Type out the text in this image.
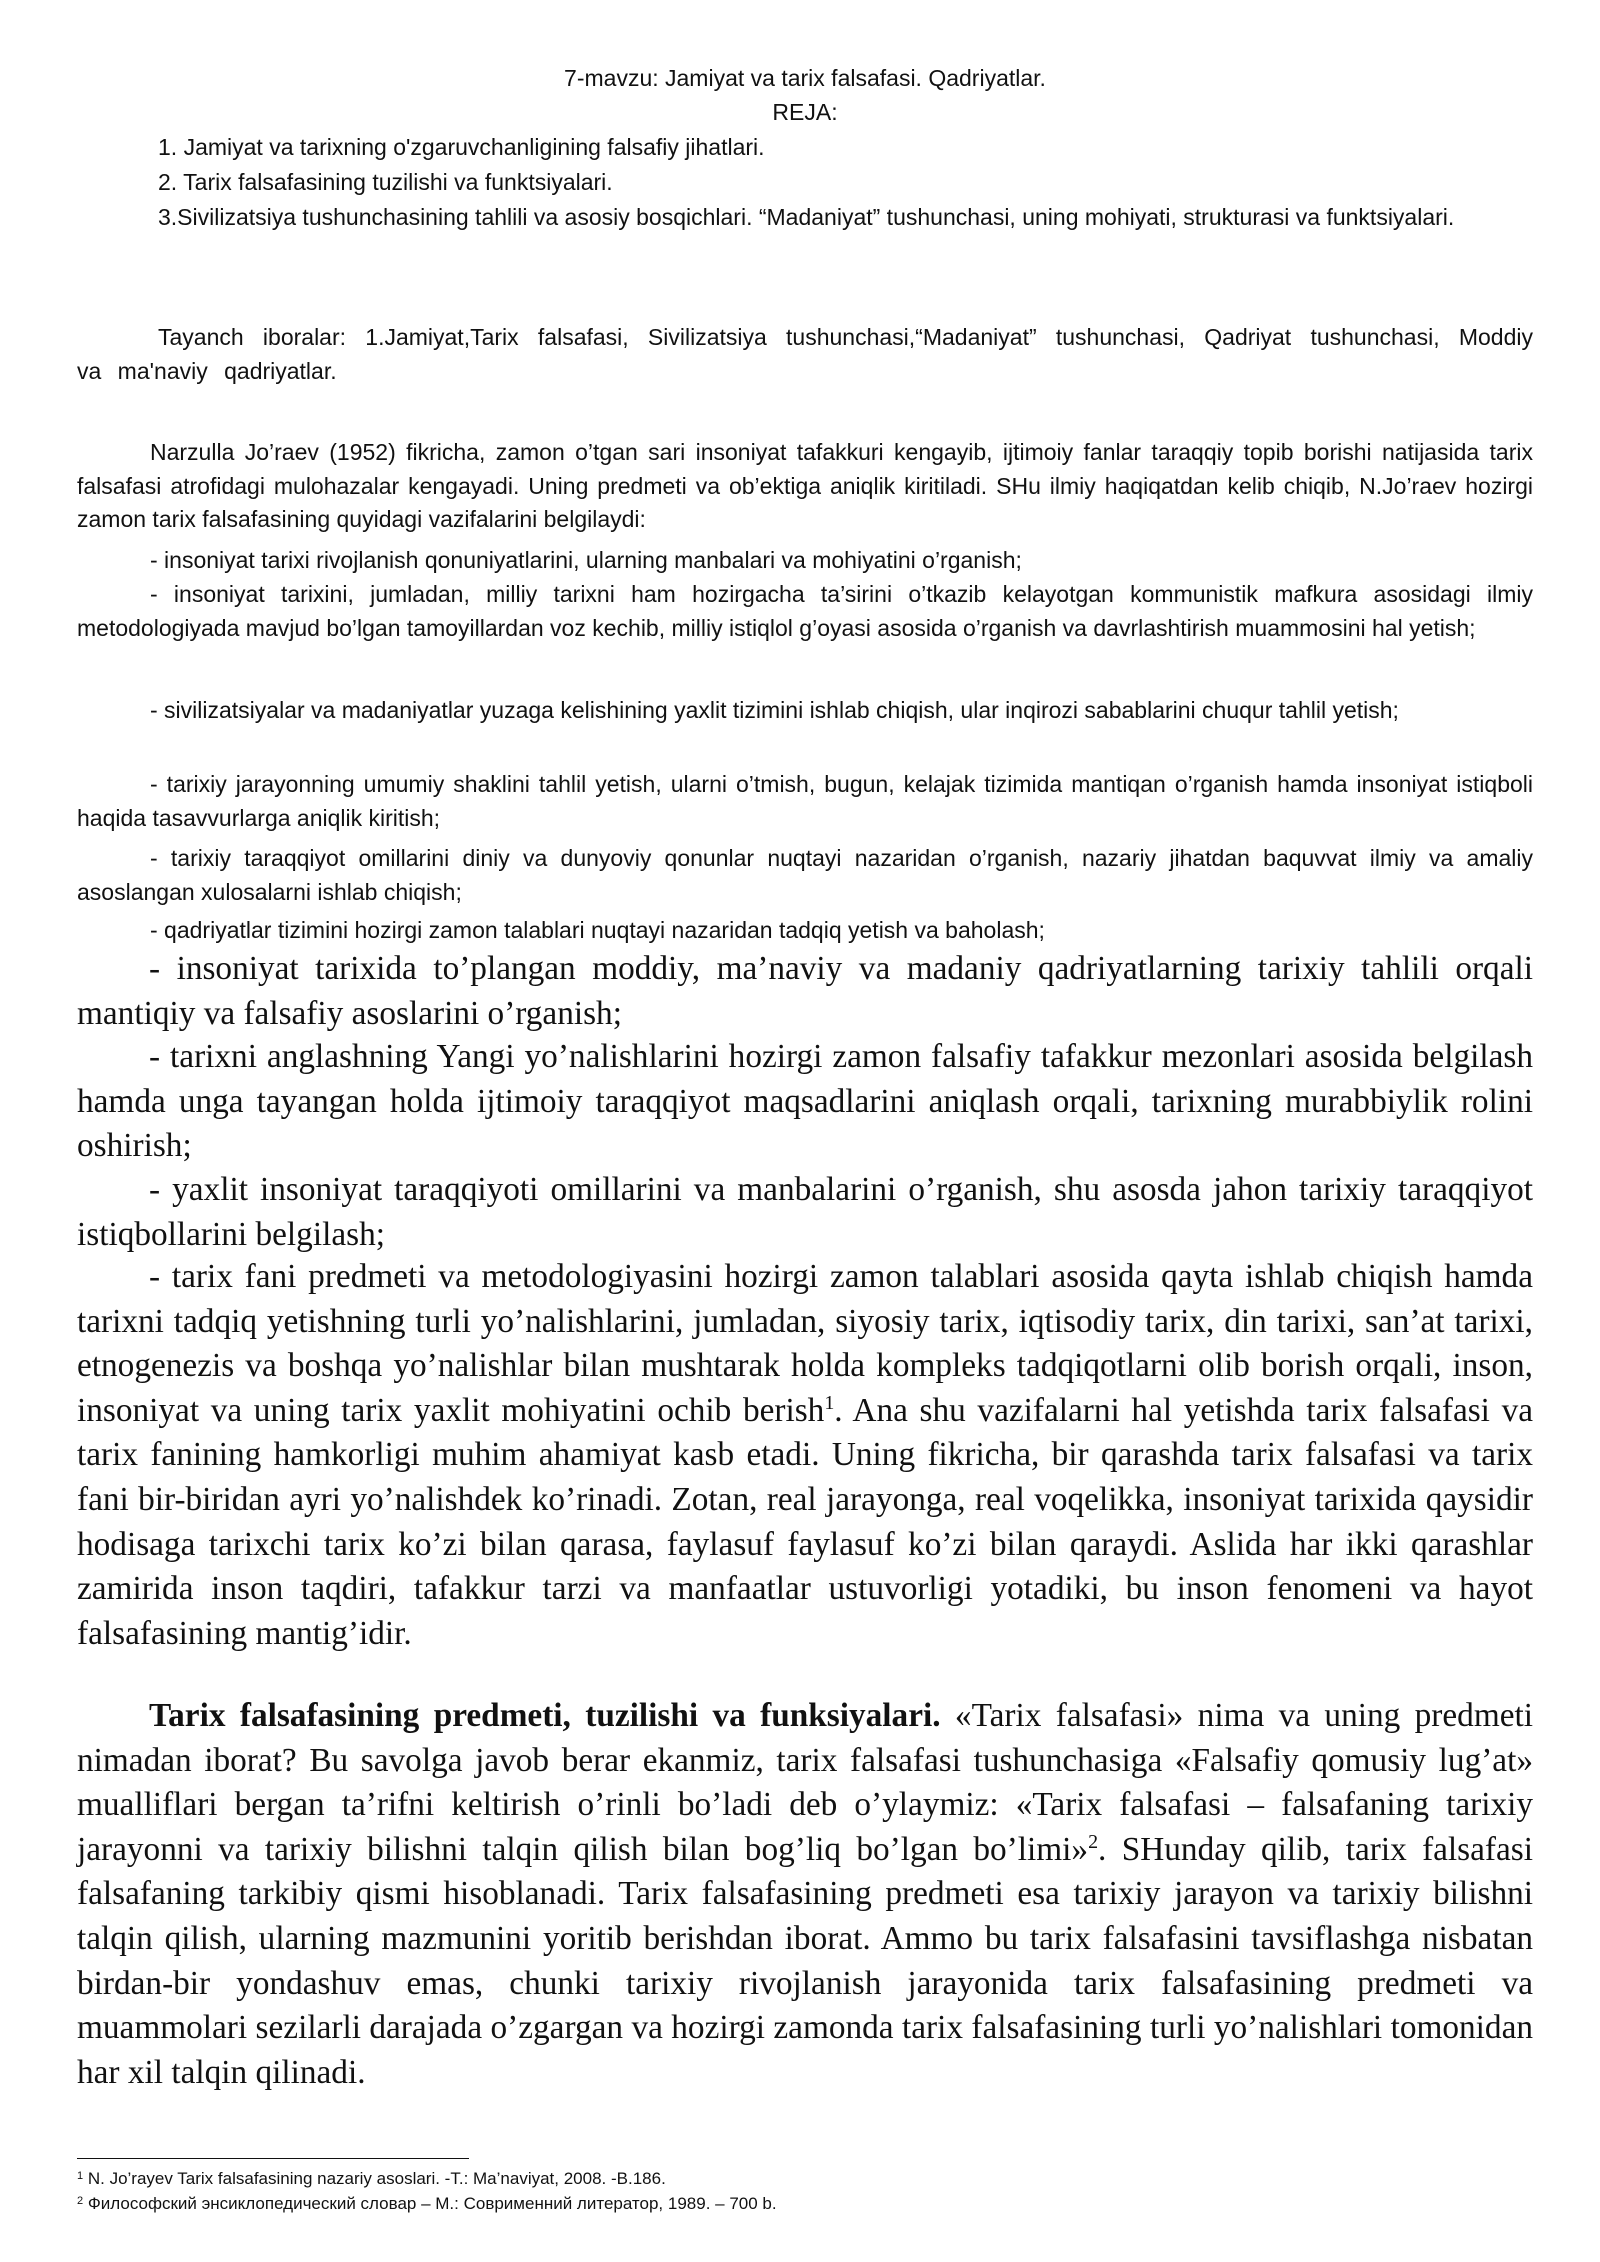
7-mavzu: Jamiyat va tarix falsafasi. Qadriyatlar.
REJA:

1. Jamiyat va tarixning o'zgaruvchanligining falsafiy jihatlari.

2. Tarix falsafasining tuzilishi va funktsiyalari.

3.Sivilizatsiya tushunchasining tahlili va asosiy bosqichlari. “Madaniyat” tushunchasi, uning mohiyati, strukturasi va funktsiyalari.

Tayanch iboralar: 1.Jamiyat,Tarix falsafasi, Sivilizatsiya tushunchasi,“Madaniyat” tushunchasi, Qadriyat tushunchasi, Moddiy va ma'naviy qadriyatlar.

Narzulla Jo’raev (1952) fikricha, zamon o’tgan sari insoniyat tafakkuri kengayib, ijtimoiy fanlar taraqqiy topib borishi natijasida tarix falsafasi atrofidagi mulohazalar kengayadi. Uning predmeti va ob’ektiga aniqlik kiritiladi. SHu ilmiy haqiqatdan kelib chiqib, N.Jo’raev hozirgi zamon tarix falsafasining quyidagi vazifalarini belgilaydi:

- insoniyat tarixi rivojlanish qonuniyatlarini, ularning manbalari va mohiyatini o’rganish;

- insoniyat tarixini, jumladan, milliy tarixni ham hozirgacha ta’sirini o’tkazib kelayotgan kommunistik mafkura asosidagi ilmiy metodologiyada mavjud bo’lgan tamoyillardan voz kechib, milliy istiqlol g’oyasi asosida o’rganish va davrlashtirish muammosini hal yetish;

- sivilizatsiyalar va madaniyatlar yuzaga kelishining yaxlit tizimini ishlab chiqish, ular inqirozi sabablarini chuqur tahlil yetish;

- tarixiy jarayonning umumiy shaklini tahlil yetish, ularni o’tmish, bugun, kelajak tizimida mantiqan o’rganish hamda insoniyat istiqboli haqida tasavvurlarga aniqlik kiritish;

- tarixiy taraqqiyot omillarini diniy va dunyoviy qonunlar nuqtayi nazaridan o’rganish, nazariy jihatdan baquvvat ilmiy va amaliy asoslangan xulosalarni ishlab chiqish;

- qadriyatlar tizimini hozirgi zamon talablari nuqtayi nazaridan tadqiq yetish va baholash;

- insoniyat tarixida to’plangan moddiy, ma’naviy va madaniy qadriyatlarning tarixiy tahlili orqali mantiqiy va falsafiy asoslarini o’rganish;

- tarixni anglashning Yangi yo’nalishlarini hozirgi zamon falsafiy tafakkur mezonlari asosida belgilash hamda unga tayangan holda ijtimoiy taraqqiyot maqsadlarini aniqlash orqali, tarixning murabbiylik rolini oshirish;

- yaxlit insoniyat taraqqiyoti omillarini va manbalarini o’rganish, shu asosda jahon tarixiy taraqqiyot istiqbollarini belgilash;

- tarix fani predmeti va metodologiyasini hozirgi zamon talablari asosida qayta ishlab chiqish hamda tarixni tadqiq yetishning turli yo’nalishlarini, jumladan, siyosiy tarix, iqtisodiy tarix, din tarixi, san’at tarixi, etnogenezis va boshqa yo’nalishlar bilan mushtarak holda kompleks tadqiqotlarni olib borish orqali, inson, insoniyat va uning tarix yaxlit mohiyatini ochib berish$^1$. Ana shu vazifalarni hal yetishda tarix falsafasi va tarix fanining hamkorligi muhim ahamiyat kasb etadi. Uning fikricha, bir qarashda tarix falsafasi va tarix fani bir-biridan ayri yo’nalishdek ko’rinadi. Zotan, real jarayonga, real voqelikka, insoniyat tarixida qaysidir hodisaga tarixchi tarix ko’zi bilan qarasa, faylasuf faylasuf ko’zi bilan qaraydi. Aslida har ikki qarashlar zamirida inson taqdiri, tafakkur tarzi va manfaatlar ustuvorligi yotadiki, bu inson fenomeni va hayot falsafasining mantig’idir.

Tarix falsafasining predmeti, tuzilishi va funksiyalari. «Tarix falsafasi» nima va uning predmeti nimadan iborat? Bu savolga javob berar ekanmiz, tarix falsafasi tushunchasiga «Falsafiy qomusiy lug’at» mualliflari bergan ta’rifni keltirish o’rinli bo’ladi deb o’ylaymiz: «Tarix falsafasi – falsafaning tarixiy jarayonni va tarixiy bilishni talqin qilish bilan bog’liq bo’lgan bo’limi»$^2$. SHunday qilib, tarix falsafasi falsafaning tarkibiy qismi hisoblanadi. Tarix falsafasining predmeti esa tarixiy jarayon va tarixiy bilishni talqin qilish, ularning mazmunini yoritib berishdan iborat. Ammo bu tarix falsafasini tavsiflashga nisbatan birdan-bir yondashuv emas, chunki tarixiy rivojlanish jarayonida tarix falsafasining predmeti va muammolari sezilarli darajada o’zgargan va hozirgi zamonda tarix falsafasining turli yo’nalishlari tomonidan har xil talqin qilinadi.

$^1$ N. Jo’rayev Tarix falsafasining nazariy asoslari. -T.: Ma’naviyat, 2008. -B.186.
$^2$ Философский энсиклопедический словар – М.: Соврименний литератор, 1989. – 700 b.
